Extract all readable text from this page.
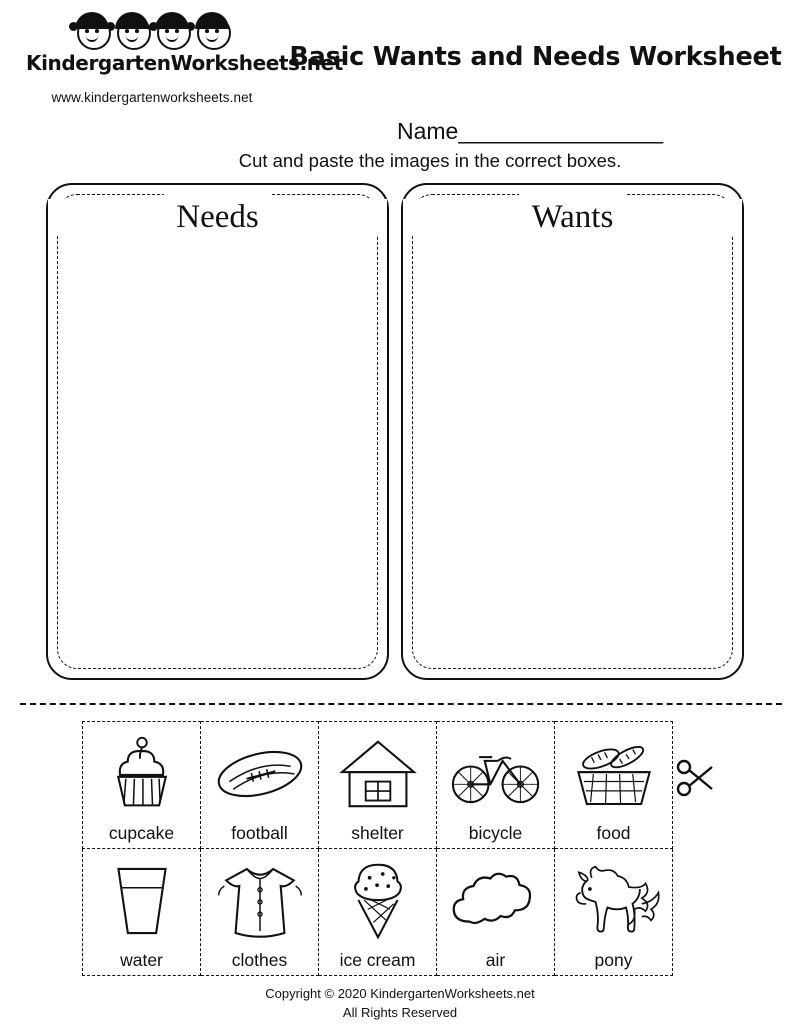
KindergartenWorksheets.net
www.kindergartenworksheets.net
Basic Wants and Needs Worksheet
Name________________
Cut and paste the images in the correct boxes.
Needs	Wants
cupcake	football	shelter	bicycle	food

water	clothes	ice cream	air	pony
Copyright © 2020 KindergartenWorksheets.net
All Rights Reserved
